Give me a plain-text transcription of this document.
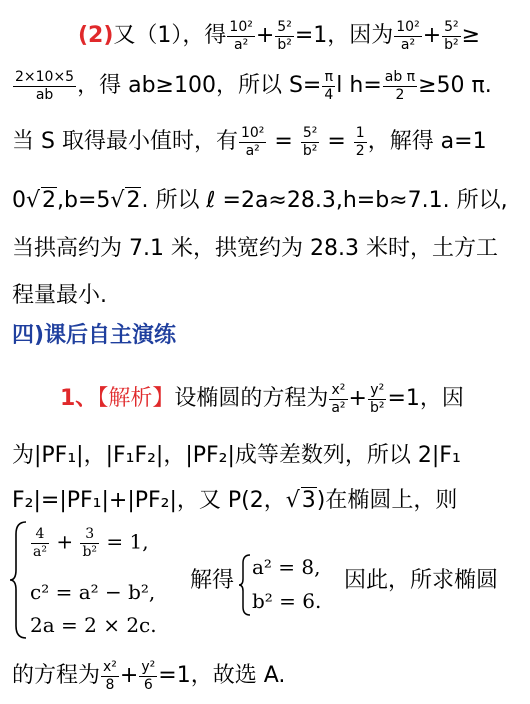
(2)又（1），得 $\frac{\text{10²}}{\text{a²}} + \frac{\text{5²}}{\text{b²}} =1$，因为 $\frac{\text{10²}}{\text{a²}} + \frac{\text{5²}}{\text{b²}}$ ≥
$\frac{2\times 10\times 5}{ab}$ ，得 ab≥100，所以 $S= \frac{\pi}{4}$ l $h= \frac{\text{ab π}}{2} \ge 50$ π.
当 S 取得最小值时，有 $\frac{\text{10²}}{\text{a²}} = \frac{\text{5²}}{\text{b²}} = \frac{1}{2}$ ，解得 a=1
0√2,b=5√2. 所以 ℓ =2a≈28.3,h=b≈7.1. 所以,
当拱高约为 7.1 米，拱宽约为 28.3 米时，土方工
程量最小.
四)课后自主演练
1、【解析】设椭圆的方程为 $\frac{\text{x²}}{\text{a²}} + \frac{\text{y²}}{\text{b²}} =1$，因
为|PF₁|，|F₁F₂|，|PF₂|成等差数列，所以 2|F₁
F₂|=|PF₁|+|PF₂|，又 P(2，√3)在椭圆上，则
$\frac{4}{\text{a²}} + \frac{3}{\text{b²}} = 1$,
c² = a² − b²,
2a = 2 × 2c.
解得
a² = 8,
b² = 6.
因此，所求椭圆
的方程为 $\frac{\text{x²}}{8} + \frac{\text{y²}}{6} =1$，故选 A.
